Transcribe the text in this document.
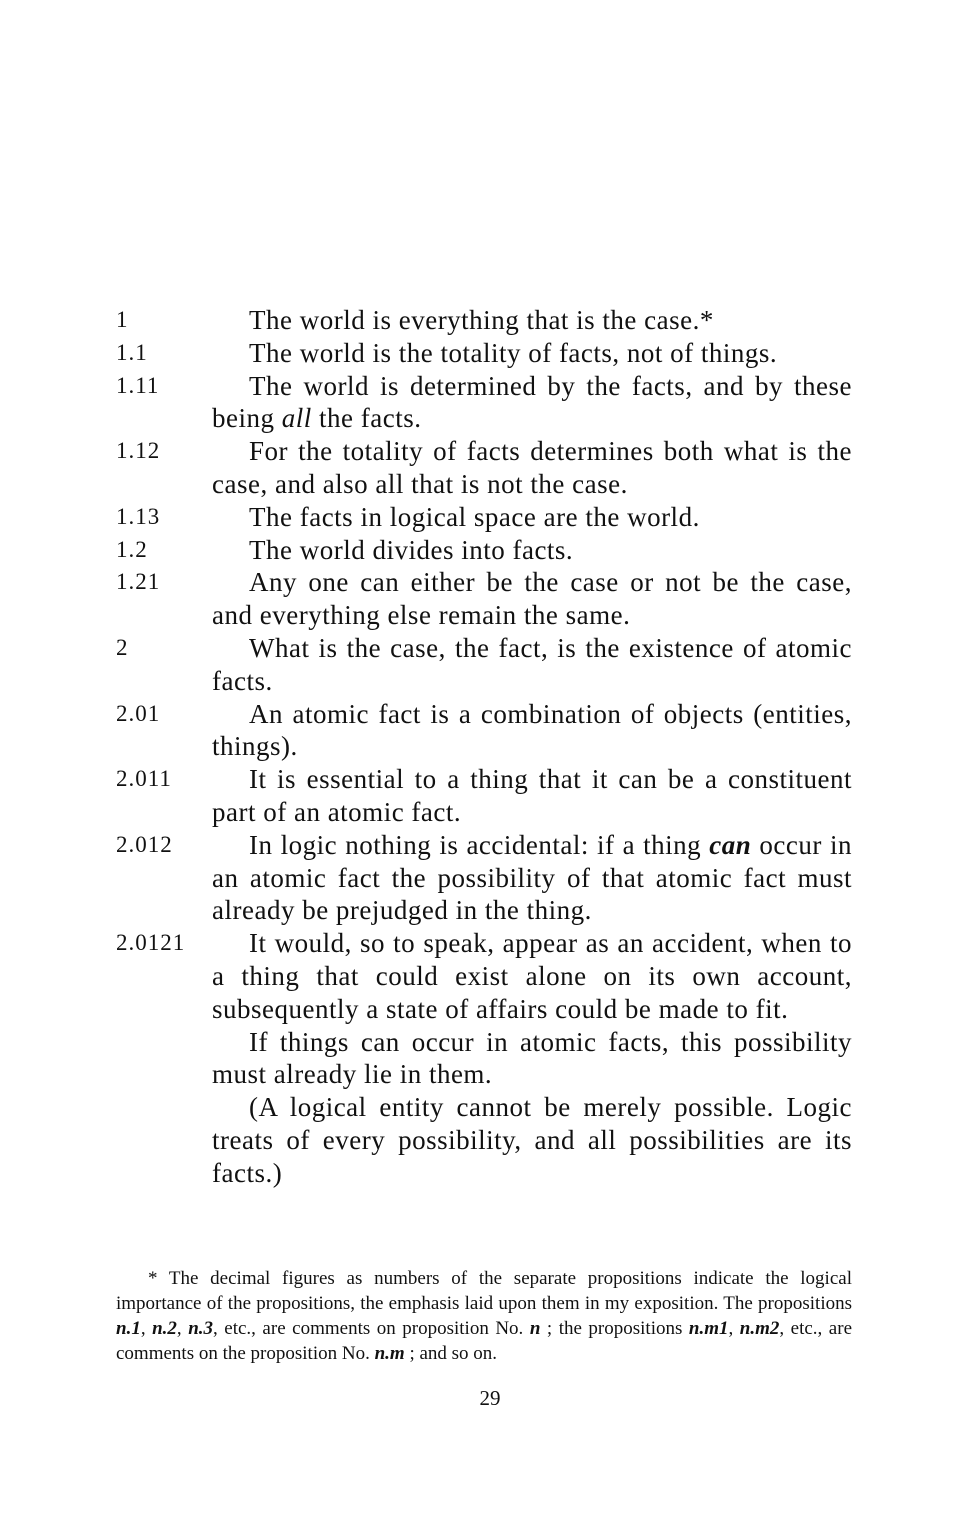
1	The world is everything that is the case.*
1.1	The world is the totality of facts, not of things.
1.11	The world is determined by the facts, and by these being all the facts.
1.12	For the totality of facts determines both what is the case, and also all that is not the case.
1.13	The facts in logical space are the world.
1.2	The world divides into facts.
1.21	Any one can either be the case or not be the case, and everything else remain the same.
2	What is the case, the fact, is the existence of atomic facts.
2.01	An atomic fact is a combination of objects (entities, things).
2.011	It is essential to a thing that it can be a constituent part of an atomic fact.
2.012	In logic nothing is accidental: if a thing can occur in an atomic fact the possibility of that atomic fact must already be prejudged in the thing.
2.0121	It would, so to speak, appear as an accident, when to a thing that could exist alone on its own account, subsequently a state of affairs could be made to fit.
If things can occur in atomic facts, this possibility must already lie in them.
(A logical entity cannot be merely possible. Logic treats of every possibility, and all possibilities are its facts.)
* The decimal figures as numbers of the separate propositions indicate the logical importance of the propositions, the emphasis laid upon them in my exposition. The propositions n.1, n.2, n.3, etc., are comments on proposition No. n ; the propositions n.m1, n.m2, etc., are comments on the proposition No. n.m ; and so on.
29
